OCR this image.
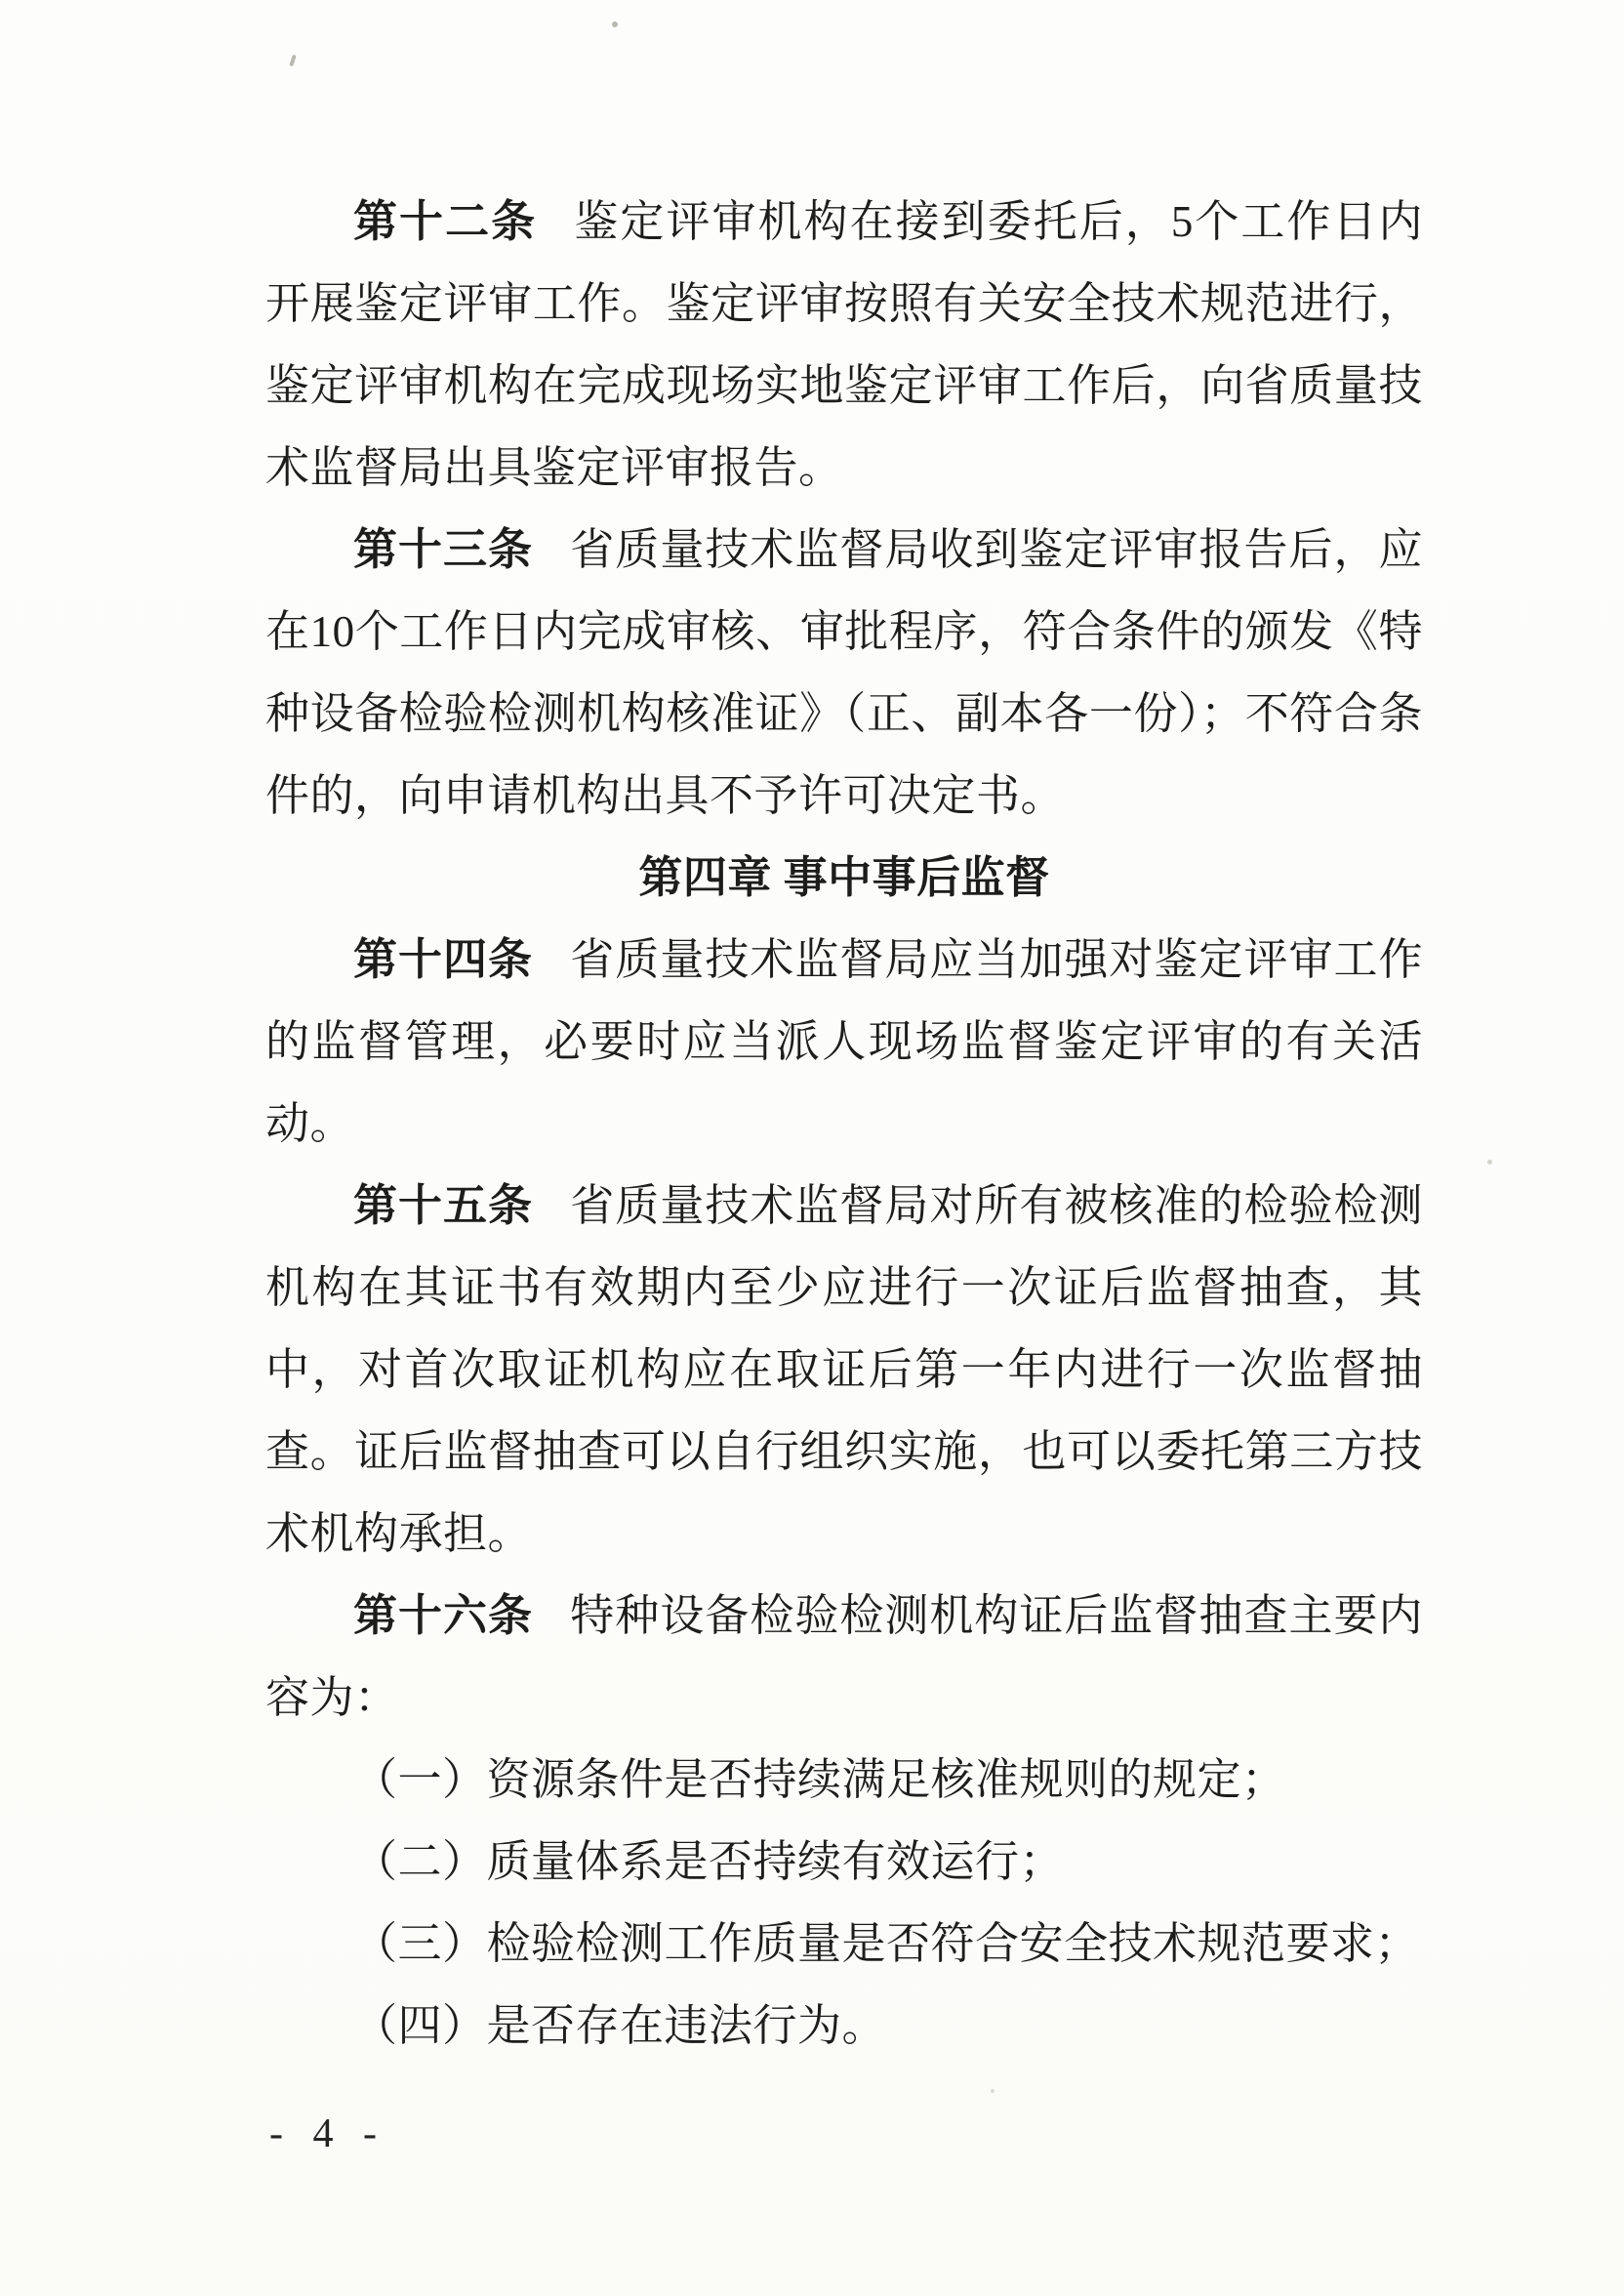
第十二条 鉴定评审机构在接到委托后，5个工作日内开展鉴定评审工作。鉴定评审按照有关安全技术规范进行，鉴定评审机构在完成现场实地鉴定评审工作后，向省质量技术监督局出具鉴定评审报告。

第十三条 省质量技术监督局收到鉴定评审报告后，应在10个工作日内完成审核、审批程序，符合条件的颁发《特种设备检验检测机构核准证》（正、副本各一份）；不符合条件的，向申请机构出具不予许可决定书。

第四章 事中事后监督

第十四条 省质量技术监督局应当加强对鉴定评审工作的监督管理，必要时应当派人现场监督鉴定评审的有关活动。

第十五条 省质量技术监督局对所有被核准的检验检测机构在其证书有效期内至少应进行一次证后监督抽查，其中，对首次取证机构应在取证后第一年内进行一次监督抽查。证后监督抽查可以自行组织实施，也可以委托第三方技术机构承担。

第十六条 特种设备检验检测机构证后监督抽查主要内容为：

（一）资源条件是否持续满足核准规则的规定；

（二）质量体系是否持续有效运行；

（三）检验检测工作质量是否符合安全技术规范要求；

（四）是否存在违法行为。

- 4 -
